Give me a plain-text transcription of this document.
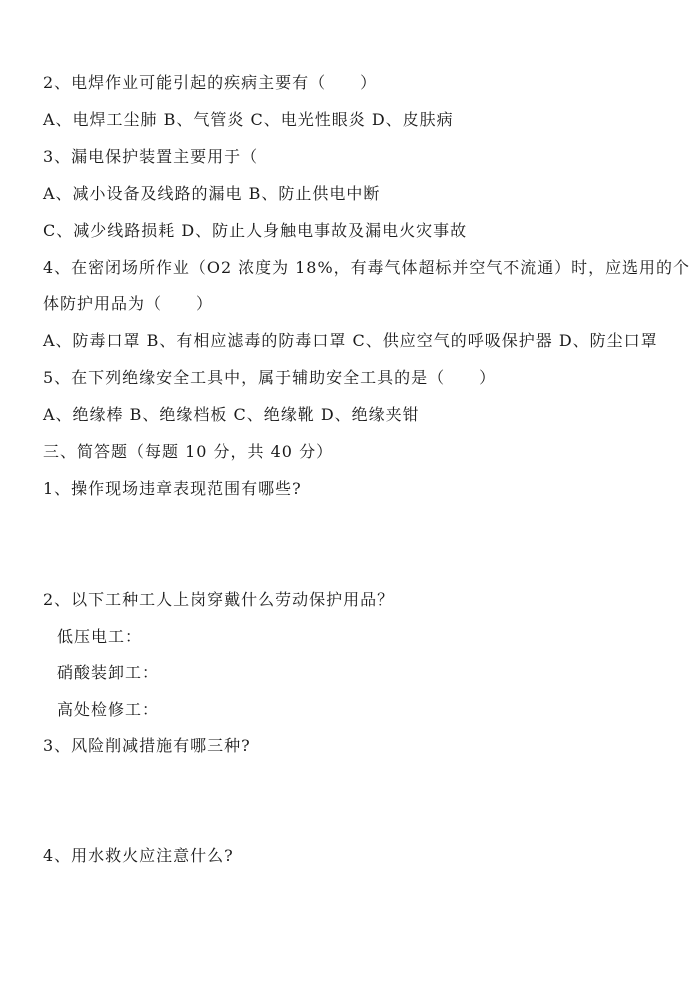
2、电焊作业可能引起的疾病主要有（　　）
A、电焊工尘肺 B、气管炎 C、电光性眼炎 D、皮肤病
3、漏电保护装置主要用于（
A、减小设备及线路的漏电 B、防止供电中断
C、减少线路损耗 D、防止人身触电事故及漏电火灾事故
4、在密闭场所作业（O2 浓度为 18%，有毒气体超标并空气不流通）时，应选用的个
体防护用品为（　　）
A、防毒口罩 B、有相应滤毒的防毒口罩 C、供应空气的呼吸保护器 D、防尘口罩
5、在下列绝缘安全工具中，属于辅助安全工具的是（　　）
A、绝缘棒 B、绝缘档板 C、绝缘靴 D、绝缘夹钳
三、简答题（每题 10 分，共 40 分）
1、操作现场违章表现范围有哪些?
2、以下工种工人上岗穿戴什么劳动保护用品？
低压电工：
硝酸装卸工：
高处检修工：
3、风险削减措施有哪三种?
4、用水救火应注意什么?
